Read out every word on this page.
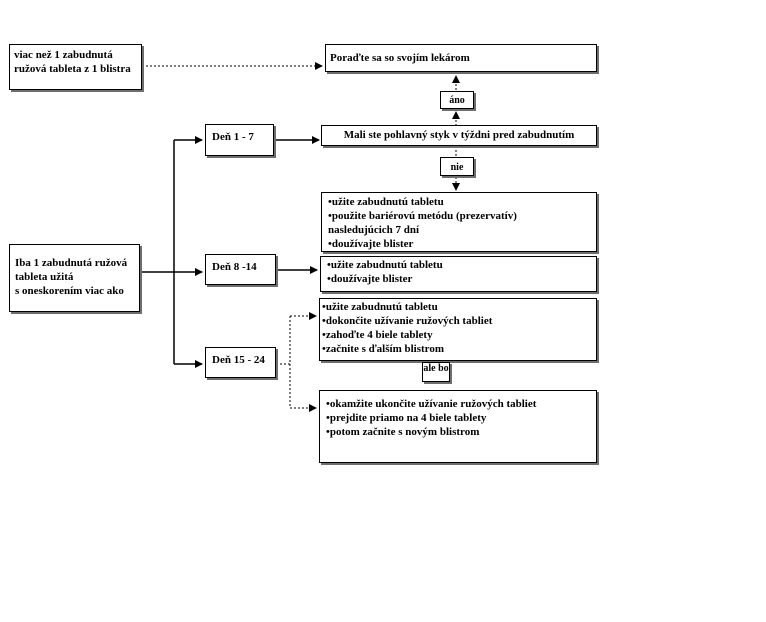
viac než 1 zabudnutá
ružová tableta z 1 blistra
Poraďte sa so svojím lekárom
áno
Deň 1 - 7	Mali ste pohlavný styk v týždni pred zabudnutím
nie
•užite zabudnutú tabletu
•použite bariérovú metódu (prezervatív)
nasledujúcich 7 dní
•doužívajte blister
Iba 1 zabudnutá ružová
tableta užitá
s oneskorením viac ako
Deň 8 -14	•užite zabudnutú tabletu
•doužívajte blister
•užite zabudnutú tabletu
•dokončite užívanie ružových tabliet
•zahoďte 4 biele tablety
•začnite s ďalším blistrom
Deň 15 - 24
ale bo
•okamžite ukončite užívanie ružových tabliet
•prejdite priamo na 4 biele tablety
•potom začnite s novým blistrom
